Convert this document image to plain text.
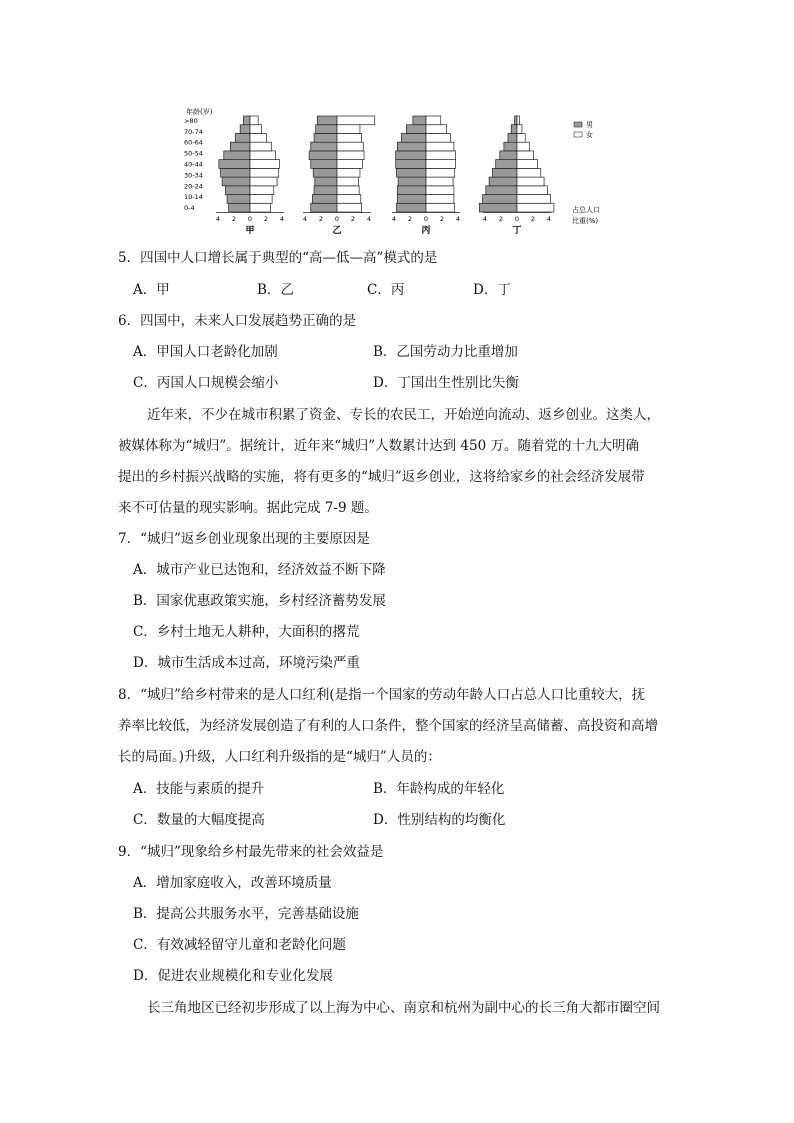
年龄(岁)
0-4
10-14
20-24
30-34
40-44
50-54
60-64
70-74
>80
4 2 0 2 4
甲
4 2 0 2 4
乙
4 2 0 2 4
丙
4 2 0 2 4
丁
男
女
占总人口
比重(%)
5．四国中人口增长属于典型的“高—低—高”模式的是
A．甲	B．乙	C．丙	D．丁
6．四国中，未来人口发展趋势正确的是
A．甲国人口老龄化加剧	B．乙国劳动力比重增加
C．丙国人口规模会缩小	D．丁国出生性别比失衡
近年来，不少在城市积累了资金、专长的农民工，开始逆向流动、返乡创业。这类人，
被媒体称为“城归”。据统计，近年来“城归”人数累计达到 450 万。随着党的十九大明确
提出的乡村振兴战略的实施，将有更多的“城归”返乡创业，这将给家乡的社会经济发展带
来不可估量的现实影响。据此完成 7-9 题。
7．“城归”返乡创业现象出现的主要原因是
A．城市产业已达饱和，经济效益不断下降
B．国家优惠政策实施，乡村经济蓄势发展
C．乡村土地无人耕种，大面积的撂荒
D．城市生活成本过高，环境污染严重
8．“城归”给乡村带来的是人口红利(是指一个国家的劳动年龄人口占总人口比重较大，抚
养率比较低，为经济发展创造了有利的人口条件，整个国家的经济呈高储蓄、高投资和高增
长的局面。)升级，人口红利升级指的是“城归”人员的：
A．技能与素质的提升	B．年龄构成的年轻化
C．数量的大幅度提高	D．性别结构的均衡化
9．“城归”现象给乡村最先带来的社会效益是
A．增加家庭收入，改善环境质量
B．提高公共服务水平，完善基础设施
C．有效减轻留守儿童和老龄化问题
D．促进农业规模化和专业化发展
长三角地区已经初步形成了以上海为中心、南京和杭州为副中心的长三角大都市圈空间
